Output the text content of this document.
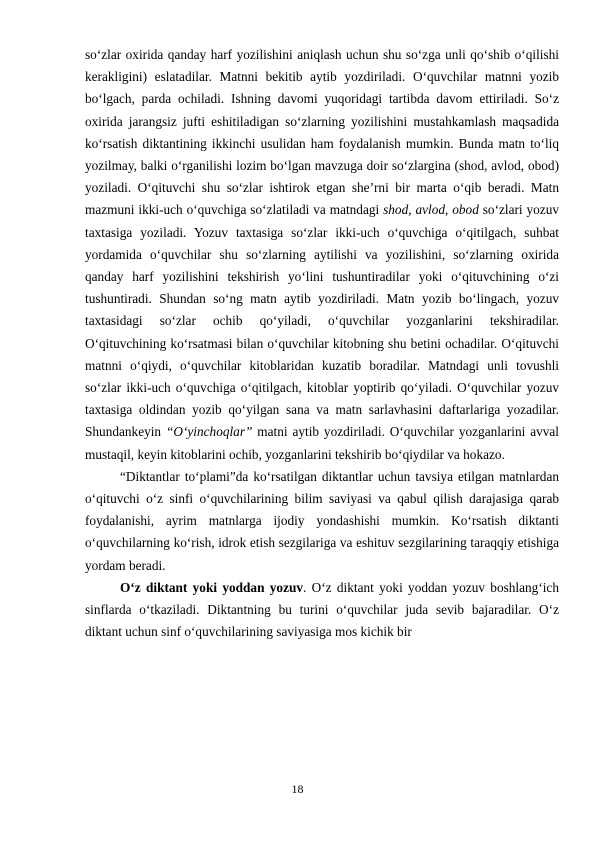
so‘zlar oxirida qanday harf yozilishini aniqlash uchun shu so‘zga unli qo‘shib o‘qilishi kerakligini) eslatadilar. Matnni bekitib aytib yozdiriladi. O‘quvchilar matnni yozib bo‘lgach, parda ochiladi. Ishning davomi yuqoridagi tartibda davom ettiriladi. So‘z oxirida jarangsiz jufti eshitiladigan so‘zlarning yozilishini mustahkamlash maqsadida ko‘rsatish diktantining ikkinchi usulidan ham foydalanish mumkin. Bunda matn to‘liq yozilmay, balki o‘rganilishi lozim bo‘lgan mavzuga doir so‘zlargina (shod, avlod, obod) yoziladi. O‘qituvchi shu so‘zlar ishtirok etgan she’rni bir marta o‘qib beradi. Matn mazmuni ikki-uch o‘quvchiga so‘zlatiladi va matndagi shod, avlod, obod so‘zlari yozuv taxtasiga yoziladi. Yozuv taxtasiga so‘zlar ikki-uch o‘quvchiga o‘qitilgach, suhbat yordamida o‘quvchilar shu so‘zlarning aytilishi va yozilishini, so‘zlarning oxirida qanday harf yozilishini tekshirish yo‘lini tushuntiradilar yoki o‘qituvchining o‘zi tushuntiradi. Shundan so‘ng matn aytib yozdiriladi. Matn yozib bo‘lingach, yozuv taxtasidagi so‘zlar ochib qo‘yiladi, o‘quvchilar yozganlarini tekshiradilar. O‘qituvchining ko‘rsatmasi bilan o‘quvchilar kitobning shu betini ochadilar. O‘qituvchi matnni o‘qiydi, o‘quvchilar kitoblaridan kuzatib boradilar. Matndagi unli tovushli so‘zlar ikki-uch o‘quvchiga o‘qitilgach, kitoblar yoptirib qo‘yiladi. O‘quvchilar yozuv taxtasiga oldindan yozib qo‘yilgan sana va matn sarlavhasini daftarlariga yozadilar. Shundankeyin “O‘yinchoqlar” matni aytib yozdiriladi. O‘quvchilar yozganlarini avval mustaqil, keyin kitoblarini ochib, yozganlarini tekshirib bo‘qiydilar va hokazo.

“Diktantlar to‘plami”da ko‘rsatilgan diktantlar uchun tavsiya etilgan matnlardan o‘qituvchi o‘z sinfi o‘quvchilarining bilim saviyasi va qabul qilish darajasiga qarab foydalanishi, ayrim matnlarga ijodiy yondashishi mumkin. Ko‘rsatish diktanti o‘quvchilarning ko‘rish, idrok etish sezgilariga va eshituv sezgilarining taraqqiy etishiga yordam beradi.

O‘z diktant yoki yoddan yozuv. O‘z diktant yoki yoddan yozuv boshlang‘ich sinflarda o‘tkaziladi. Diktantning bu turini o‘quvchilar juda sevib bajaradilar. O‘z diktant uchun sinf o‘quvchilarining saviyasiga mos kichik bir

18
